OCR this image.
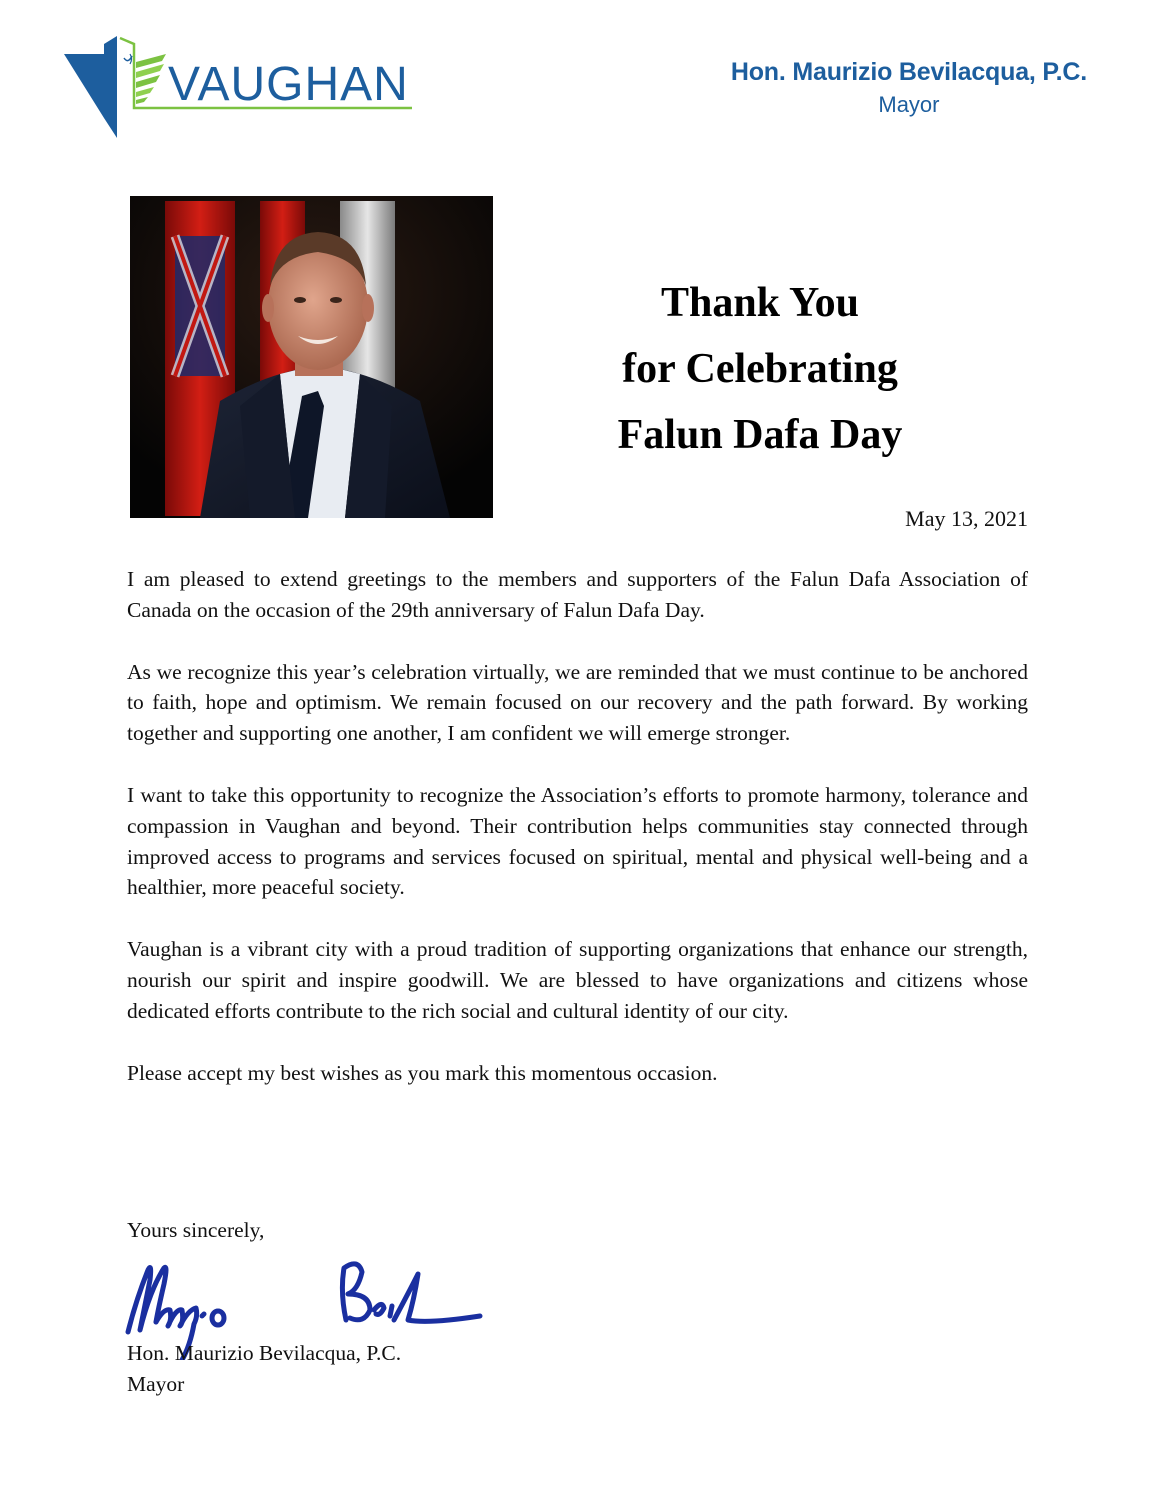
VAUGHAN	Hon. Maurizio Bevilacqua, P.C.
Mayor
Thank You
for Celebrating
Falun Dafa Day
May 13, 2021

I am pleased to extend greetings to the members and supporters of the Falun Dafa Association of Canada on the occasion of the 29th anniversary of Falun Dafa Day.

As we recognize this year’s celebration virtually, we are reminded that we must continue to be anchored to faith, hope and optimism. We remain focused on our recovery and the path forward. By working together and supporting one another, I am confident we will emerge stronger.

I want to take this opportunity to recognize the Association’s efforts to promote harmony, tolerance and compassion in Vaughan and beyond. Their contribution helps communities stay connected through improved access to programs and services focused on spiritual, mental and physical well-being and a healthier, more peaceful society.

Vaughan is a vibrant city with a proud tradition of supporting organizations that enhance our strength, nourish our spirit and inspire goodwill. We are blessed to have organizations and citizens whose dedicated efforts contribute to the rich social and cultural identity of our city.

Please accept my best wishes as you mark this momentous occasion.

Yours sincerely,
Hon. Maurizio Bevilacqua, P.C.
Mayor
